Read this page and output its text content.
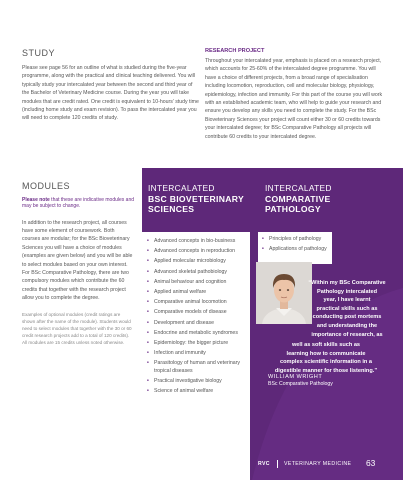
STUDY

Please see page 56 for an outline of what is studied during the five-year programme, along with the practical and clinical teaching delivered. You will typically study your intercalated year between the second and third year of the Bachelor of Veterinary Medicine course. During the year you will take modules that are credit rated. One credit is equivalent to 10-hours’ study time (including home study and exam revision). To pass the intercalated year you will need to complete 120 credits of study.

RESEARCH PROJECT

Throughout your intercalated year, emphasis is placed on a research project, which accounts for 25-60% of the intercalated degree programme. You will have a choice of different projects, from a broad range of specialisation including locomotion, reproduction, cell and molecular biology, physiology, epidemiology, infection and immunity. For this part of the course you will work with an established academic team, who will help to guide your research and ensure you develop any skills you need to complete the study. For the BSc Bioveterinary Sciences your project will count either 30 or 60 credits towards your intercalated degree; for BSc Comparative Pathology all projects will contribute 60 credits to your intercalated degree.

MODULES

Please note that these are indicative modules and may be subject to change.

In addition to the research project, all courses have some element of coursework. Both courses are modular; for the BSc Bioveterinary Sciences you will have a choice of modules (examples are given below) and you will be able to select modules based on your own interest. For BSc Comparative Pathology, there are two compulsory modules which contribute the 60 credits that together with the research project allow you to complete the degree.

Examples of optional modules (credit ratings are shown after the name of the module). Students would need to select modules that together with the 30 or 60 credit research projects add to a total of 120 credits). All modules are 15 credits unless noted otherwise.

INTERCALATED
BSC BIOVETERINARY
SCIENCES
INTERCALATED
COMPARATIVE
PATHOLOGY
• Advanced concepts in bio-business
• Advanced concepts in reproduction
• Applied molecular microbiology
• Advanced skeletal pathobiology
• Animal behaviour and cognition
• Applied animal welfare
• Comparative animal locomotion
• Comparative models of disease
• Development and disease
• Endocrine and metabolic syndromes
• Epidemiology: the bigger picture
• Infection and immunity
• Parasitology of human and veterinary tropical diseases
• Practical investigative biology
• Science of animal welfare
• Principles of pathology
• Applications of pathology
“Within my BSc Comparative
Pathology intercalated
year, I have learnt
practical skills such as
conducting post mortems
and understanding the
importance of research, as
well as soft skills such as
learning how to communicate
complex scientific information in a
digestible manner for those listening.”
WILLIAM WRIGHT
BSc Comparative Pathology
RVC	VETERINARY MEDICINE 63
